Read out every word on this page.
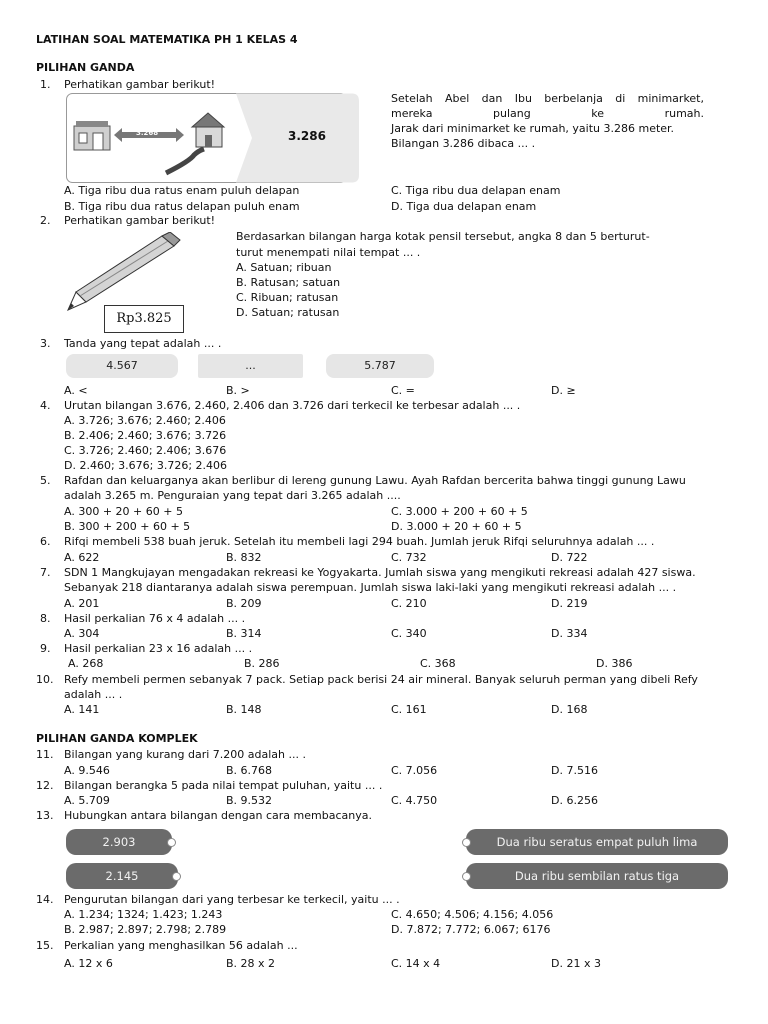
LATIHAN SOAL MATEMATIKA PH 1 KELAS 4
PILIHAN GANDA
1. Perhatikan gambar berikut!
3.268	3.286
Setelah Abel dan Ibu berbelanja di minimarket,
mereka pulang ke rumah.
Jarak dari minimarket ke rumah, yaitu 3.286 meter.
Bilangan 3.286 dibaca ... .
A. Tiga ribu dua ratus enam puluh delapan
B. Tiga ribu dua ratus delapan puluh enam
C. Tiga ribu dua delapan enam
D. Tiga dua delapan enam
2. Perhatikan gambar berikut!
Rp3.825
Berdasarkan bilangan harga kotak pensil tersebut, angka 8 dan 5 berturut-
turut menempati nilai tempat ... .
A. Satuan; ribuan
B. Ratusan; satuan
C. Ribuan; ratusan
D. Satuan; ratusan
3. Tanda yang tepat adalah ... .
4.567	...	5.787
A. <	B. >	C. =	D. ≥
4. Urutan bilangan 3.676, 2.460, 2.406 dan 3.726 dari terkecil ke terbesar adalah ... .
A. 3.726; 3.676; 2.460; 2.406
B. 2.406; 2.460; 3.676; 3.726
C. 3.726; 2.460; 2.406; 3.676
D. 2.460; 3.676; 3.726; 2.406
5. Rafdan dan keluarganya akan berlibur di lereng gunung Lawu. Ayah Rafdan bercerita bahwa tinggi gunung Lawu
adalah 3.265 m. Penguraian yang tepat dari 3.265 adalah ....
A. 300 + 20 + 60 + 5
B. 300 + 200 + 60 + 5
C. 3.000 + 200 + 60 + 5
D. 3.000 + 20 + 60 + 5
6. Rifqi membeli 538 buah jeruk. Setelah itu membeli lagi 294 buah. Jumlah jeruk Rifqi seluruhnya adalah ... .
A. 622	B. 832	C. 732	D. 722
7. SDN 1 Mangkujayan mengadakan rekreasi ke Yogyakarta. Jumlah siswa yang mengikuti rekreasi adalah 427 siswa.
Sebanyak 218 diantaranya adalah siswa perempuan. Jumlah siswa laki-laki yang mengikuti rekreasi adalah ... .
A. 201	B. 209	C. 210	D. 219
8. Hasil perkalian 76 x 4 adalah ... .
A. 304	B. 314	C. 340	D. 334
9. Hasil perkalian 23 x 16 adalah ... .
A. 268	B. 286	C. 368	D. 386
10. Refy membeli permen sebanyak 7 pack. Setiap pack berisi 24 air mineral. Banyak seluruh perman yang dibeli Refy
adalah ... .
A. 141	B. 148	C. 161	D. 168
PILIHAN GANDA KOMPLEK
11. Bilangan yang kurang dari 7.200 adalah ... .
A. 9.546	B. 6.768	C. 7.056	D. 7.516
12. Bilangan berangka 5 pada nilai tempat puluhan, yaitu ... .
A. 5.709	B. 9.532	C. 4.750	D. 6.256
13. Hubungkan antara bilangan dengan cara membacanya.
2.903
2.145
Dua ribu seratus empat puluh lima
Dua ribu sembilan ratus tiga
14. Pengurutan bilangan dari yang terbesar ke terkecil, yaitu ... .
A. 1.234; 1324; 1.423; 1.243
B. 2.987; 2.897; 2.798; 2.789
C. 4.650; 4.506; 4.156; 4.056
D. 7.872; 7.772; 6.067; 6176
15. Perkalian yang menghasilkan 56 adalah ...
A. 12 x 6	B. 28 x 2	C. 14 x 4	D. 21 x 3
